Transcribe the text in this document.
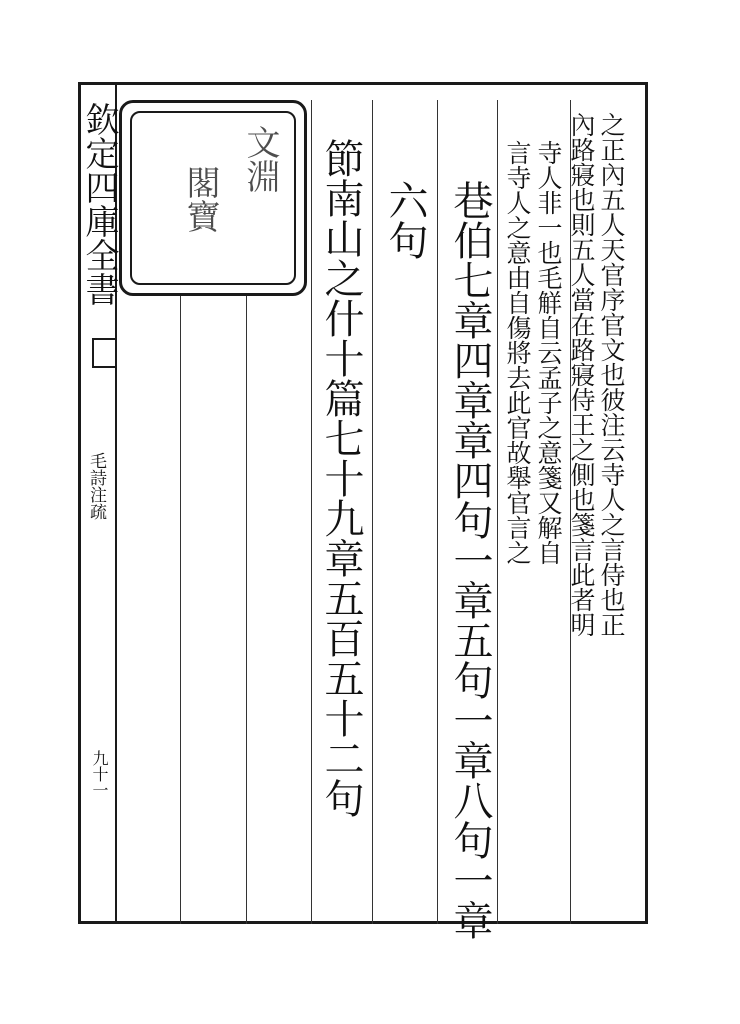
欽定四庫全書
毛詩注疏
九十一
文淵
閣寶	之正內五人天官序官文也彼注云寺人之言侍也正
內路寢也則五人當在路寢侍王之側也箋言此者明
寺人非一也毛觧自云孟子之意箋又解自
言寺人之意由自傷將去此官故舉官言之
巷伯七章四章章四句一章五句一章八句一章
六句
節南山之什十篇七十九章五百五十二句
